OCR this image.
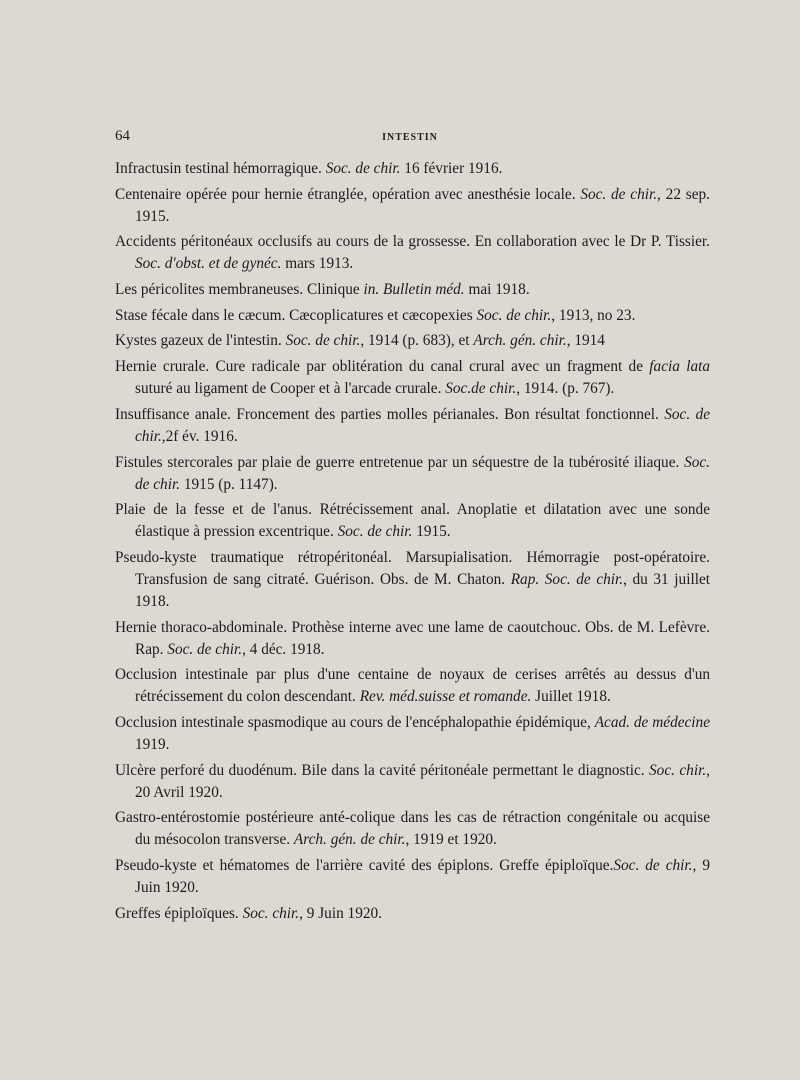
64	INTESTIN
Infractusin testinal hémorragique. Soc. de chir. 16 février 1916.
Centenaire opérée pour hernie étranglée, opération avec anesthésie locale. Soc. de chir., 22 sep. 1915.
Accidents péritonéaux occlusifs au cours de la grossesse. En collaboration avec le Dr P. Tissier. Soc. d'obst. et de gynéc. mars 1913.
Les péricolites membraneuses. Clinique in. Bulletin méd. mai 1918.
Stase fécale dans le cæcum. Cæcoplicatures et cæcopexies Soc. de chir., 1913, no 23.
Kystes gazeux de l'intestin. Soc. de chir., 1914 (p. 683), et Arch. gén. chir., 1914
Hernie crurale. Cure radicale par oblitération du canal crural avec un fragment de facia lata suturé au ligament de Cooper et à l'arcade crurale. Soc.de chir., 1914. (p. 767).
Insuffisance anale. Froncement des parties molles périanales. Bon résultat fonctionnel. Soc. de chir.,2f év. 1916.
Fistules stercorales par plaie de guerre entretenue par un séquestre de la tubérosité iliaque. Soc. de chir. 1915 (p. 1147).
Plaie de la fesse et de l'anus. Rétrécissement anal. Anoplatie et dilatation avec une sonde élastique à pression excentrique. Soc. de chir. 1915.
Pseudo-kyste traumatique rétropéritonéal. Marsupialisation. Hémorragie post-opératoire. Transfusion de sang citraté. Guérison. Obs. de M. Chaton. Rap. Soc. de chir., du 31 juillet 1918.
Hernie thoraco-abdominale. Prothèse interne avec une lame de caoutchouc. Obs. de M. Lefèvre. Rap. Soc. de chir., 4 déc. 1918.
Occlusion intestinale par plus d'une centaine de noyaux de cerises arrêtés au dessus d'un rétrécissement du colon descendant. Rev. méd.suisse et romande. Juillet 1918.
Occlusion intestinale spasmodique au cours de l'encéphalopathie épidémique, Acad. de médecine 1919.
Ulcère perforé du duodénum. Bile dans la cavité péritonéale permettant le diagnostic. Soc. chir., 20 Avril 1920.
Gastro-entérostomie postérieure anté-colique dans les cas de rétraction congénitale ou acquise du mésocolon transverse. Arch. gén. de chir., 1919 et 1920.
Pseudo-kyste et hématomes de l'arrière cavité des épiplons. Greffe épiploïque.Soc. de chir., 9 Juin 1920.
Greffes épiploïques. Soc. chir., 9 Juin 1920.
